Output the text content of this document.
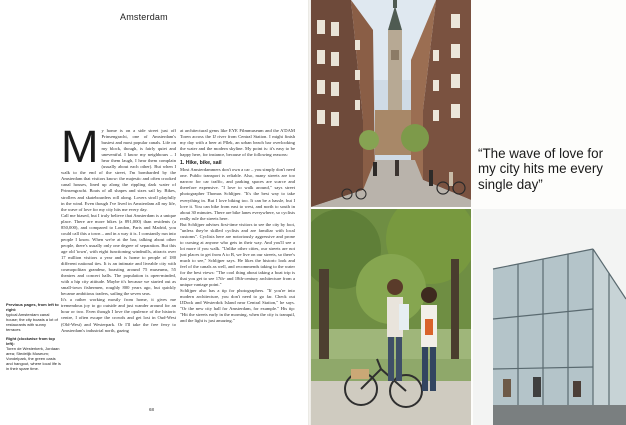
Amsterdam
Previous pages, from left to right:
typical Amsterdam canal house; the city boasts a lot of restaurants with sunny terraces
Right (clockwise from top left):
Toren de Westerkerk, Jordaan area; Stedelijk Museum; Vondelpark, the green oasis and hangout, where local life is in their spare time.
M y home is on a side street just off Prinsengracht, one of Amsterdam's busiest and most popular canals. Life on my block, though, is fairly quiet and uneventful. I know my neighbours – I hear them laugh, I hear them complain (usually about each other). But when I walk to the end of the street, I'm bombarded by the Amsterdam that visitors know: the majestic and often crooked canal houses, lined up along the rippling dark water of Prinsengracht. Boats of all shapes and sizes sail by. Bikes, strollers and skateboarders roll along. Lovers stroll playfully in the wind. Even though I've lived in Amsterdam all my life, the wave of love for my city hits me every day.

Call me biased, but I truly believe that Amsterdam is a unique place. There are more bikes (a 891,000) than residents (a 850,000), and compared to London, Paris and Madrid, you could call this a town – and in a way it is. I constantly run into people I know. When we're at the bar, talking about other people, there's usually only one degree of separation. But this age old 'town', with eight functioning windmills, attracts over 17 million visitors a year and is home to people of 180 different national ties. It is an intimate and liveable city with cosmopolitan grandeur, boasting around 75 museums, 55 theatres and concert halls. The population is open-minded, with a hip city attitude. Maybe it's because we started out as small-town fishermen, roughly 800 years ago, but quickly became ambitious traders, sailing the seven seas.

It's a rather working mostly from home, it gives me tremendous joy to go outside and just wander around for an hour or two. Even though I love the opulence of the historic centre, I often escape the crowds and get lost in Oud-West (Old-West) and Westerpark. Or I'll take the free ferry to Amsterdam's industrial north, gazing

at architectural gems like EYE Filmmuseum and the A'DAM Toren across the IJ river from Central Station. I might finish my day with a beer at Pllek, an urban beach bar overlooking the water and the modern skyline. My point is: it's easy to be happy here, for instance, because of the following reasons:

1. Hike, bike, sail

Most Amsterdammers don't own a car – you simply don't need one. Public transport is reliable. Also, many streets are too narrow for car traffic, and parking spaces are scarce and therefore expensive. "I love to walk around," says street photographer Thomas Schlijper. "It's the best way to take everything in. But I love biking too. It can be a hassle, but I love it. You can bike from east to west, and north to south in about 30 minutes. There are bike lanes everywhere, so cyclists really rule the streets here.

But Schlijper advises first-time visitors to see the city by foot, "unless they're skilled cyclists and are familiar with local customs". Cyclists here are notoriously aggressive and prone to cursing at anyone who gets in their way. And you'll see a lot more if you walk. "Unlike other cities, our streets are not just places to get from A to B, we live on our streets, so there's much to see," Schlijper says. He likes the historic look and feel of the canals as well, and recommends taking to the water for the best views: "The cool thing about taking a boat trip is that you get to see 17th- and 18th-century architecture from a unique vantage point."

Schlijper also has a tip for photographers. "If you're into modern architecture, you don't need to go far. Check out IJDock and Westerdok Island near Central Station," he says. "Or the new city hall for Amsterdam, for example." His tip: "Hit the streets early in the morning, when the city is tranquil, and the light is just amazing."

68
“The wave of love for my city hits me every single day”
